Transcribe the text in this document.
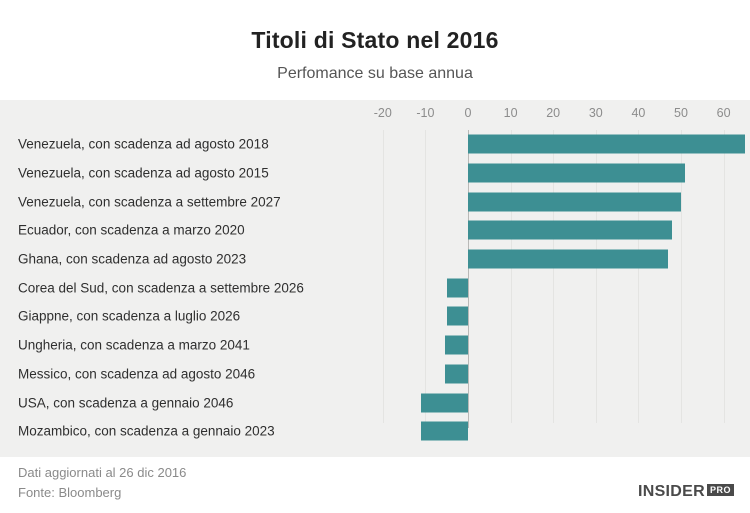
Titoli di Stato nel 2016
Perfomance su base annua
-20 -10 0	10 20 30 40 50 60
Venezuela, con scadenza ad agosto 2018
Venezuela, con scadenza ad agosto 2015
Venezuela, con scadenza a settembre 2027
Ecuador, con scadenza a marzo 2020
Ghana, con scadenza ad agosto 2023
Corea del Sud, con scadenza a settembre 2026
Giappne, con scadenza a luglio 2026
Ungheria, con scadenza a marzo 2041
Messico, con scadenza ad agosto 2046
USA, con scadenza a gennaio 2046
Mozambico, con scadenza a gennaio 2023
Dati aggiornati al 26 dic 2016
Fonte: Bloomberg	INSIDER PRO
